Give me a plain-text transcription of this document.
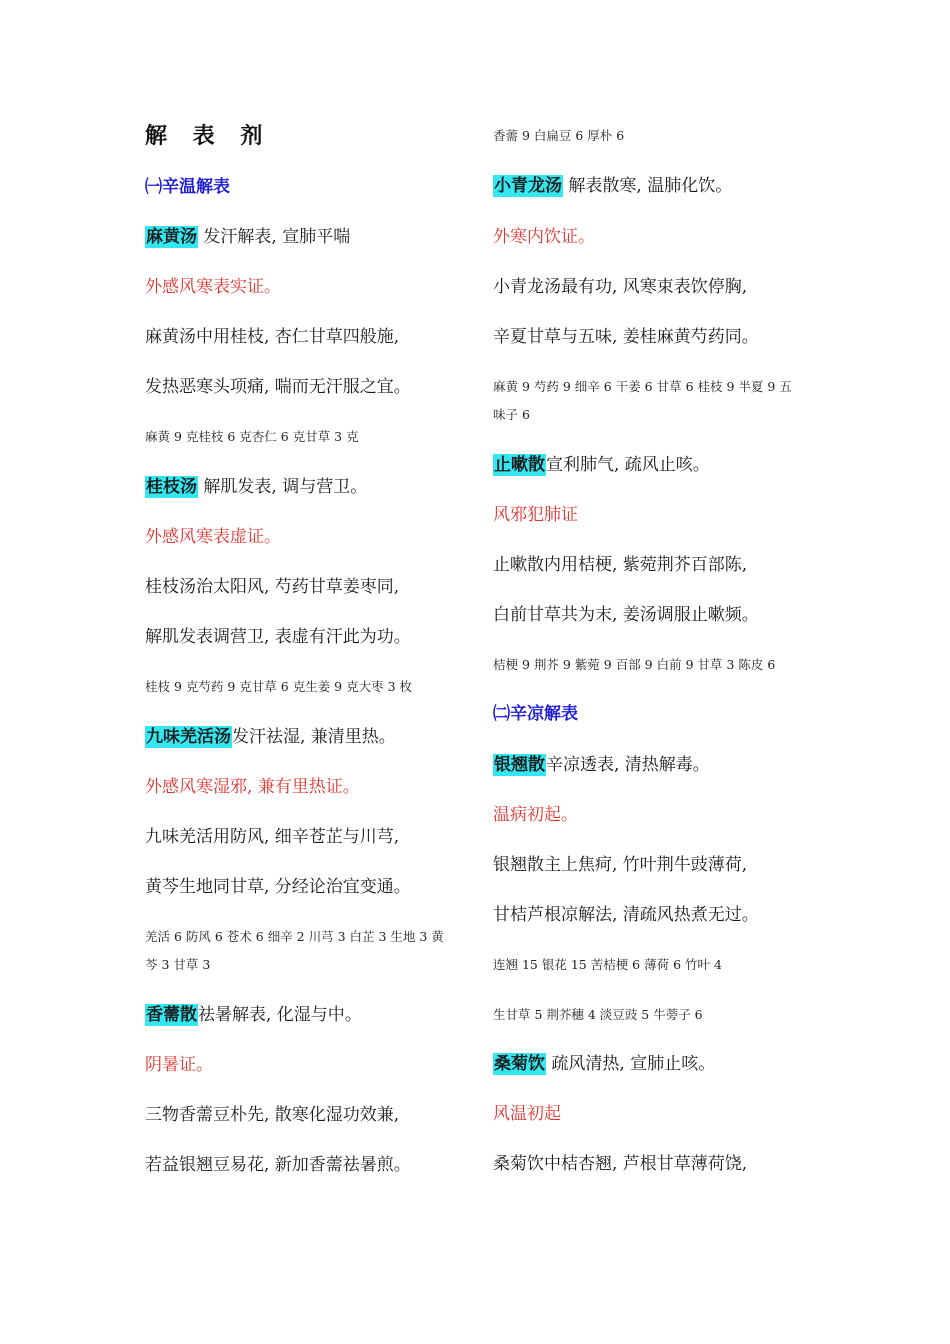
解 表 剂
㈠辛温解表
麻黄汤 发汗解表, 宣肺平喘
外感风寒表实证。
麻黄汤中用桂枝, 杏仁甘草四般施,
发热恶寒头项痛, 喘而无汗服之宜。
麻黄 9 克桂枝 6 克杏仁 6 克甘草 3 克
桂枝汤 解肌发表, 调与营卫。
外感风寒表虚证。
桂枝汤治太阳风, 芍药甘草姜枣同,
解肌发表调营卫, 表虚有汗此为功。
桂枝 9 克芍药 9 克甘草 6 克生姜 9 克大枣 3 枚
九味羌活汤发汗祛湿, 兼清里热。
外感风寒湿邪, 兼有里热证。
九味羌活用防风, 细辛苍芷与川芎,
黄芩生地同甘草, 分经论治宜变通。
羌活 6 防风 6 苍术 6 细辛 2 川芎 3 白芷 3 生地 3 黄
芩 3 甘草 3
香薷散祛暑解表, 化湿与中。
阴暑证。
三物香薷豆朴先, 散寒化湿功效兼,
若益银翘豆易花, 新加香薷祛暑煎。
香薷 9 白扁豆 6 厚朴 6
小青龙汤 解表散寒, 温肺化饮。
外寒内饮证。
小青龙汤最有功, 风寒束表饮停胸,
辛夏甘草与五味, 姜桂麻黄芍药同。
麻黄 9 芍药 9 细辛 6 干姜 6 甘草 6 桂枝 9 半夏 9 五
味子 6
止嗽散宣利肺气, 疏风止咳。
风邪犯肺证
止嗽散内用桔梗, 紫菀荆芥百部陈,
白前甘草共为末, 姜汤调服止嗽频。
桔梗 9 荆芥 9 紫菀 9 百部 9 白前 9 甘草 3 陈皮 6
㈡辛凉解表
银翘散辛凉透表, 清热解毒。
温病初起。
银翘散主上焦疴, 竹叶荆牛豉薄荷,
甘桔芦根凉解法, 清疏风热煮无过。
连翘 15 银花 15 苦桔梗 6 薄荷 6 竹叶 4
生甘草 5 荆芥穗 4 淡豆豉 5 牛蒡子 6
桑菊饮 疏风清热, 宣肺止咳。
风温初起
桑菊饮中桔杏翘, 芦根甘草薄荷饶,
